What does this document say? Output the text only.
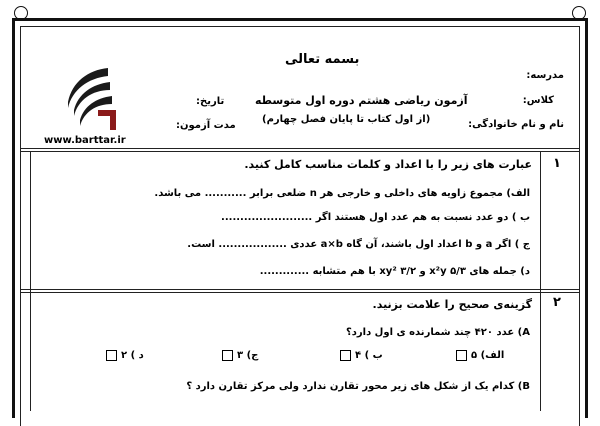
بسمه تعالی
مدرسه:
کلاس:
نام و نام خانوادگی:
آزمون ریاضی هشتم دوره اول متوسطه
(از اول کتاب تا پایان فصل چهارم)
تاریخ:
مدت آزمون:
www.barttar.ir
۱
عبارت های زیر را با اعداد و کلمات مناسب کامل کنید.
الف) مجموع زاویه های داخلی و خارجی هر n ضلعی برابر ........... می باشد.
ب ) دو عدد نسبت به هم عدد اول هستند اگر ........................
ج ) اگر a و b اعداد اول باشند، آن گاه a×b عددی .................. است.
د) جمله های ۵/۳ x²y و ۳/۲ xy² با هم متشابه .............
۲
گزینه‌ی صحیح را علامت بزنید.
A) عدد ۴۲۰ چند شمارنده ی اول دارد؟
الف) ۵
ب ) ۴
ج) ۳
د ) ۲
B) کدام یک از شکل های زیر محور تقارن ندارد ولی مرکز تقارن دارد ؟
